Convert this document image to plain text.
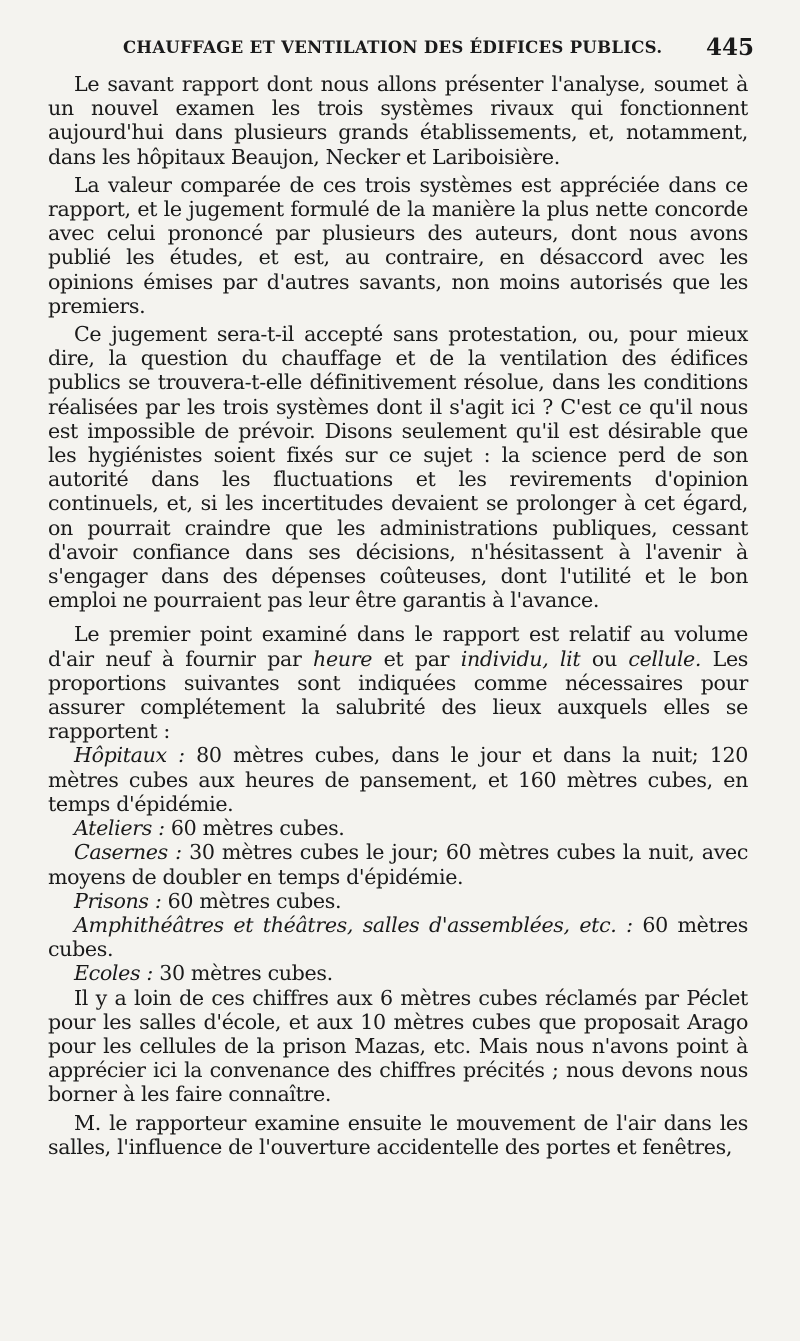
CHAUFFAGE ET VENTILATION DES ÉDIFICES PUBLICS. 445

Le savant rapport dont nous allons présenter l'analyse, soumet à un nouvel examen les trois systèmes rivaux qui fonctionnent aujourd'hui dans plusieurs grands établissements, et, notamment, dans les hôpitaux Beaujon, Necker et Lariboisière.

La valeur comparée de ces trois systèmes est appréciée dans ce rapport, et le jugement formulé de la manière la plus nette concorde avec celui prononcé par plusieurs des auteurs, dont nous avons publié les études, et est, au contraire, en désaccord avec les opinions émises par d'autres savants, non moins autorisés que les premiers.

Ce jugement sera-t-il accepté sans protestation, ou, pour mieux dire, la question du chauffage et de la ventilation des édifices publics se trouvera-t-elle définitivement résolue, dans les conditions réalisées par les trois systèmes dont il s'agit ici ? C'est ce qu'il nous est impossible de prévoir. Disons seulement qu'il est désirable que les hygiénistes soient fixés sur ce sujet : la science perd de son autorité dans les fluctuations et les revirements d'opinion continuels, et, si les incertitudes devaient se prolonger à cet égard, on pourrait craindre que les administrations publiques, cessant d'avoir confiance dans ses décisions, n'hésitassent à l'avenir à s'engager dans des dépenses coûteuses, dont l'utilité et le bon emploi ne pourraient pas leur être garantis à l'avance.

Le premier point examiné dans le rapport est relatif au volume d'air neuf à fournir par heure et par individu, lit ou cellule. Les proportions suivantes sont indiquées comme nécessaires pour assurer complétement la salubrité des lieux auxquels elles se rapportent :

Hôpitaux : 80 mètres cubes, dans le jour et dans la nuit; 120 mètres cubes aux heures de pansement, et 160 mètres cubes, en temps d'épidémie.

Ateliers : 60 mètres cubes.

Casernes : 30 mètres cubes le jour; 60 mètres cubes la nuit, avec moyens de doubler en temps d'épidémie.

Prisons : 60 mètres cubes.

Amphithéâtres et théâtres, salles d'assemblées, etc. : 60 mètres cubes.

Ecoles : 30 mètres cubes.

Il y a loin de ces chiffres aux 6 mètres cubes réclamés par Péclet pour les salles d'école, et aux 10 mètres cubes que proposait Arago pour les cellules de la prison Mazas, etc. Mais nous n'avons point à apprécier ici la convenance des chiffres précités ; nous devons nous borner à les faire connaître.

M. le rapporteur examine ensuite le mouvement de l'air dans les salles, l'influence de l'ouverture accidentelle des portes et fenêtres,
